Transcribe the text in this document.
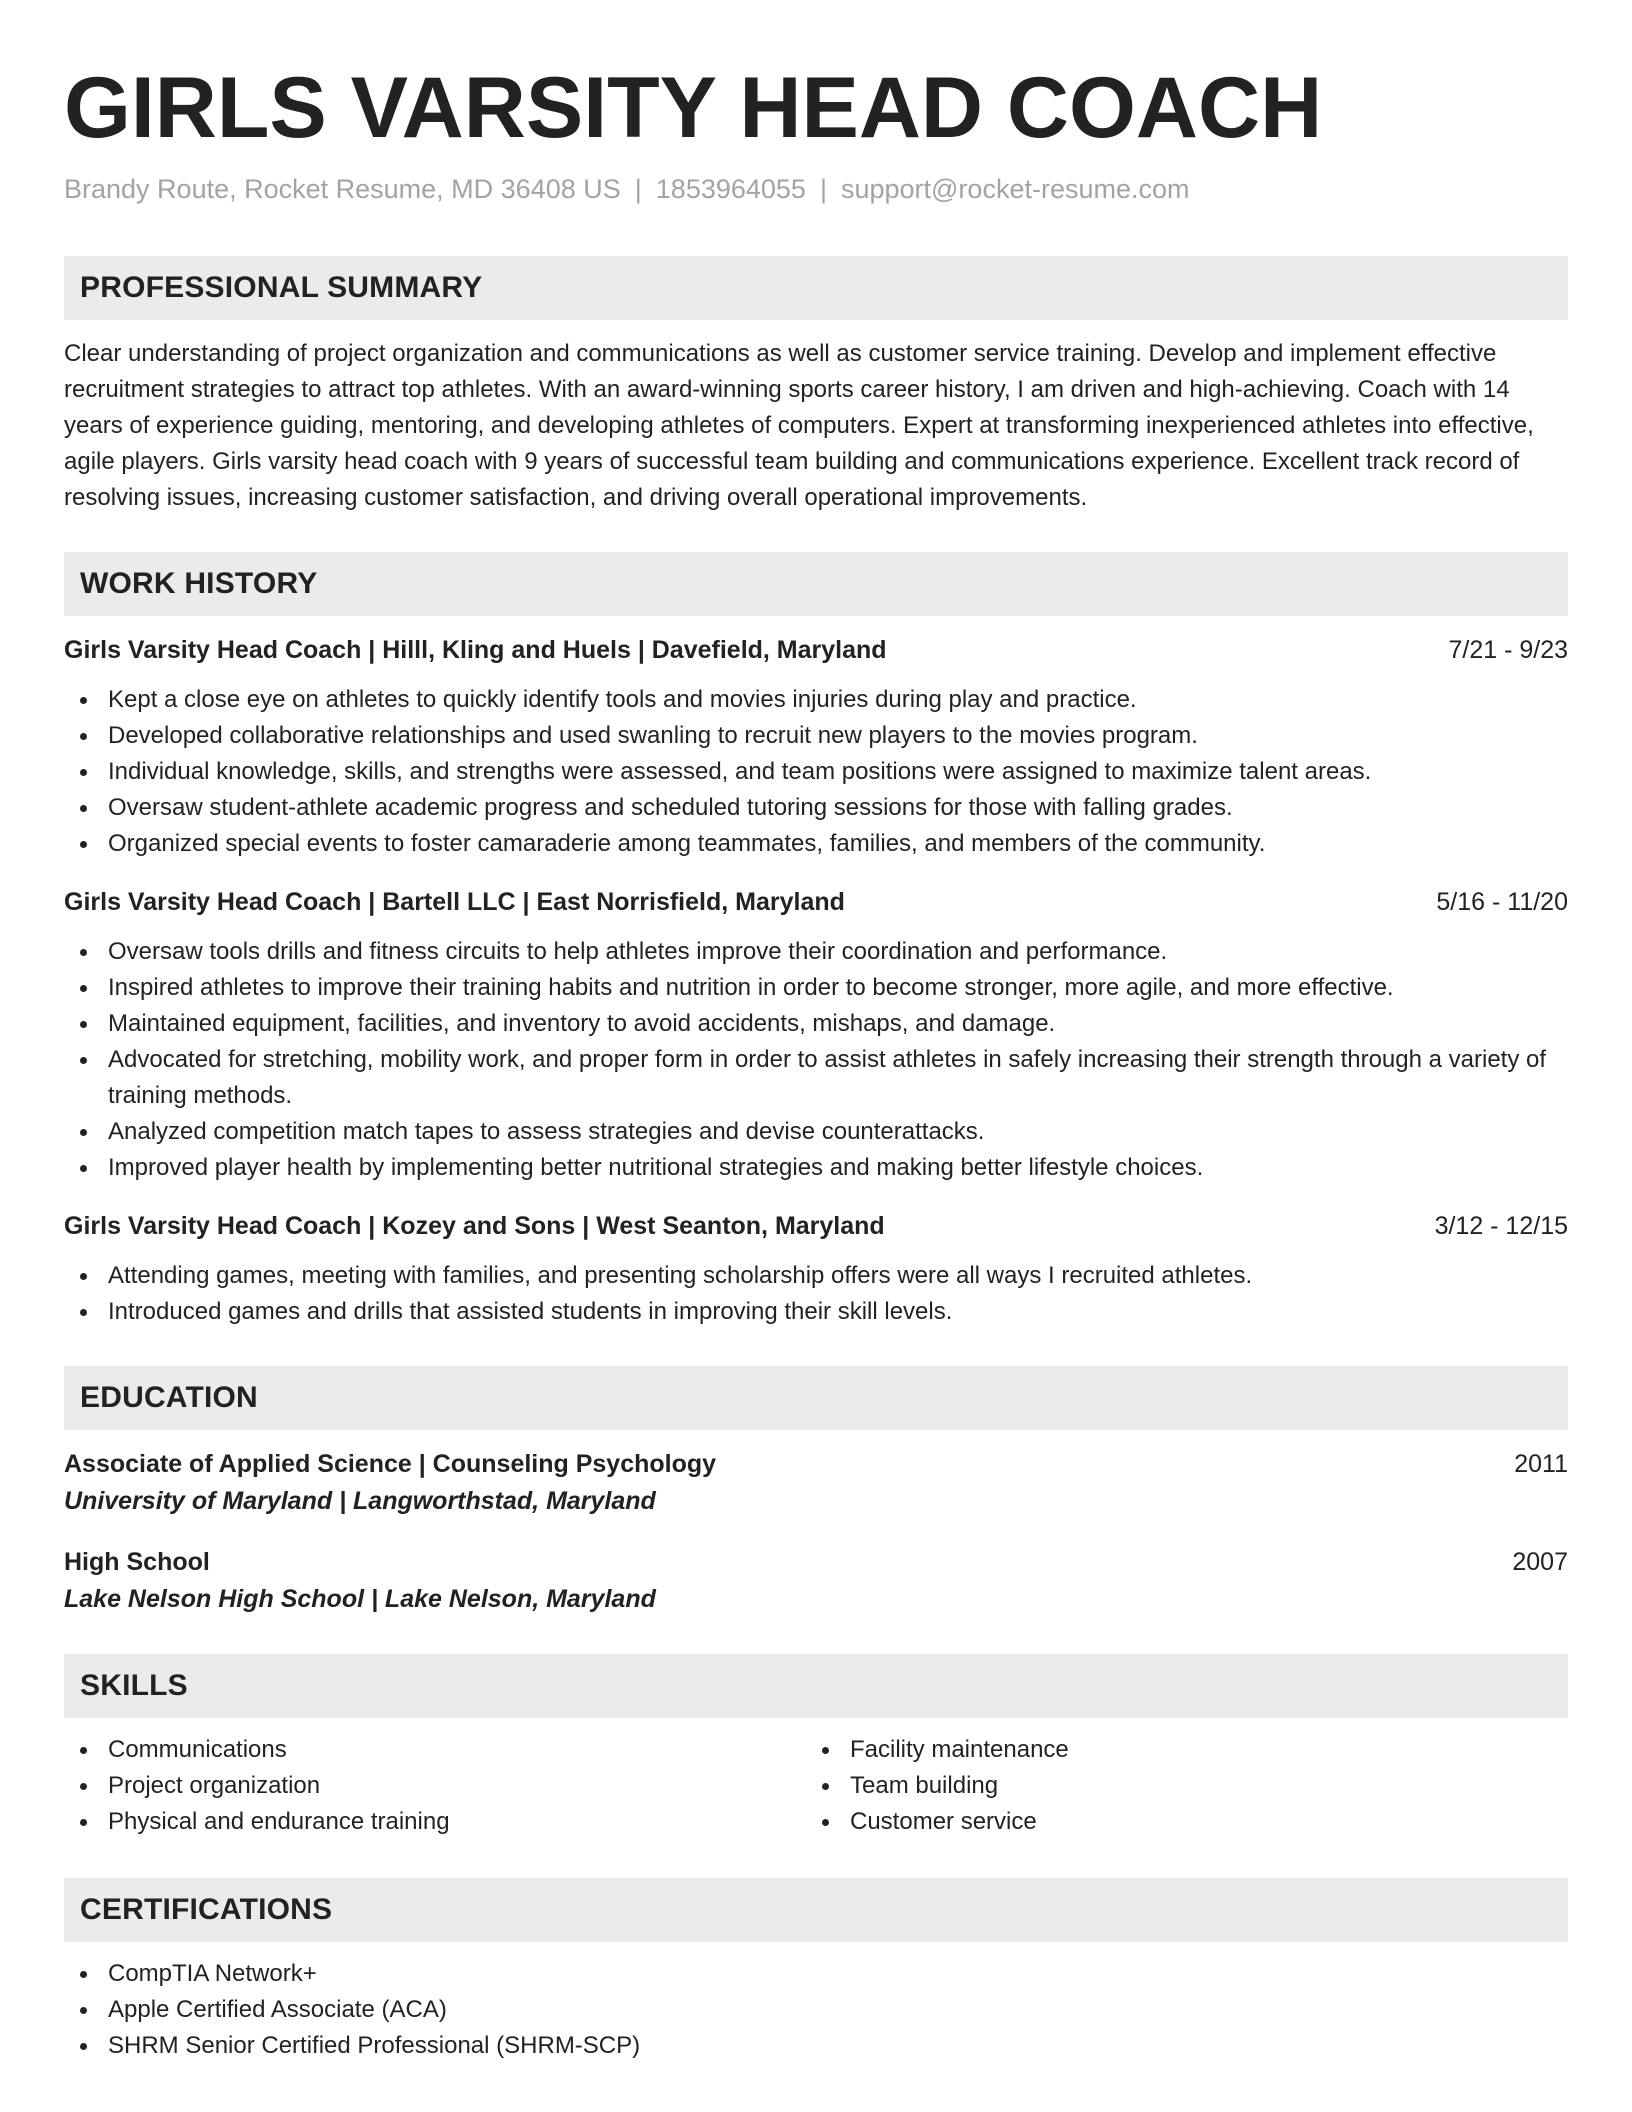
GIRLS VARSITY HEAD COACH
Brandy Route, Rocket Resume, MD 36408 US | 1853964055 | support@rocket-resume.com
PROFESSIONAL SUMMARY

Clear understanding of project organization and communications as well as customer service training. Develop and implement effective recruitment strategies to attract top athletes. With an award-winning sports career history, I am driven and high-achieving. Coach with 14 years of experience guiding, mentoring, and developing athletes of computers. Expert at transforming inexperienced athletes into effective, agile players. Girls varsity head coach with 9 years of successful team building and communications experience. Excellent track record of resolving issues, increasing customer satisfaction, and driving overall operational improvements.

WORK HISTORY
Girls Varsity Head Coach | Hilll, Kling and Huels | Davefield, Maryland	7/21 - 9/23
Kept a close eye on athletes to quickly identify tools and movies injuries during play and practice.
Developed collaborative relationships and used swanling to recruit new players to the movies program.
Individual knowledge, skills, and strengths were assessed, and team positions were assigned to maximize talent areas.
Oversaw student-athlete academic progress and scheduled tutoring sessions for those with falling grades.
Organized special events to foster camaraderie among teammates, families, and members of the community.
Girls Varsity Head Coach | Bartell LLC | East Norrisfield, Maryland	5/16 - 11/20
Oversaw tools drills and fitness circuits to help athletes improve their coordination and performance.
Inspired athletes to improve their training habits and nutrition in order to become stronger, more agile, and more effective.
Maintained equipment, facilities, and inventory to avoid accidents, mishaps, and damage.
Advocated for stretching, mobility work, and proper form in order to assist athletes in safely increasing their strength through a variety of training methods.
Analyzed competition match tapes to assess strategies and devise counterattacks.
Improved player health by implementing better nutritional strategies and making better lifestyle choices.
Girls Varsity Head Coach | Kozey and Sons | West Seanton, Maryland	3/12 - 12/15
Attending games, meeting with families, and presenting scholarship offers were all ways I recruited athletes.
Introduced games and drills that assisted students in improving their skill levels.
EDUCATION
Associate of Applied Science | Counseling Psychology	2011
University of Maryland | Langworthstad, Maryland
High School	2007
Lake Nelson High School | Lake Nelson, Maryland
SKILLS
Communications
Project organization
Physical and endurance training
Facility maintenance
Team building
Customer service
CERTIFICATIONS
CompTIA Network+
Apple Certified Associate (ACA)
SHRM Senior Certified Professional (SHRM-SCP)
